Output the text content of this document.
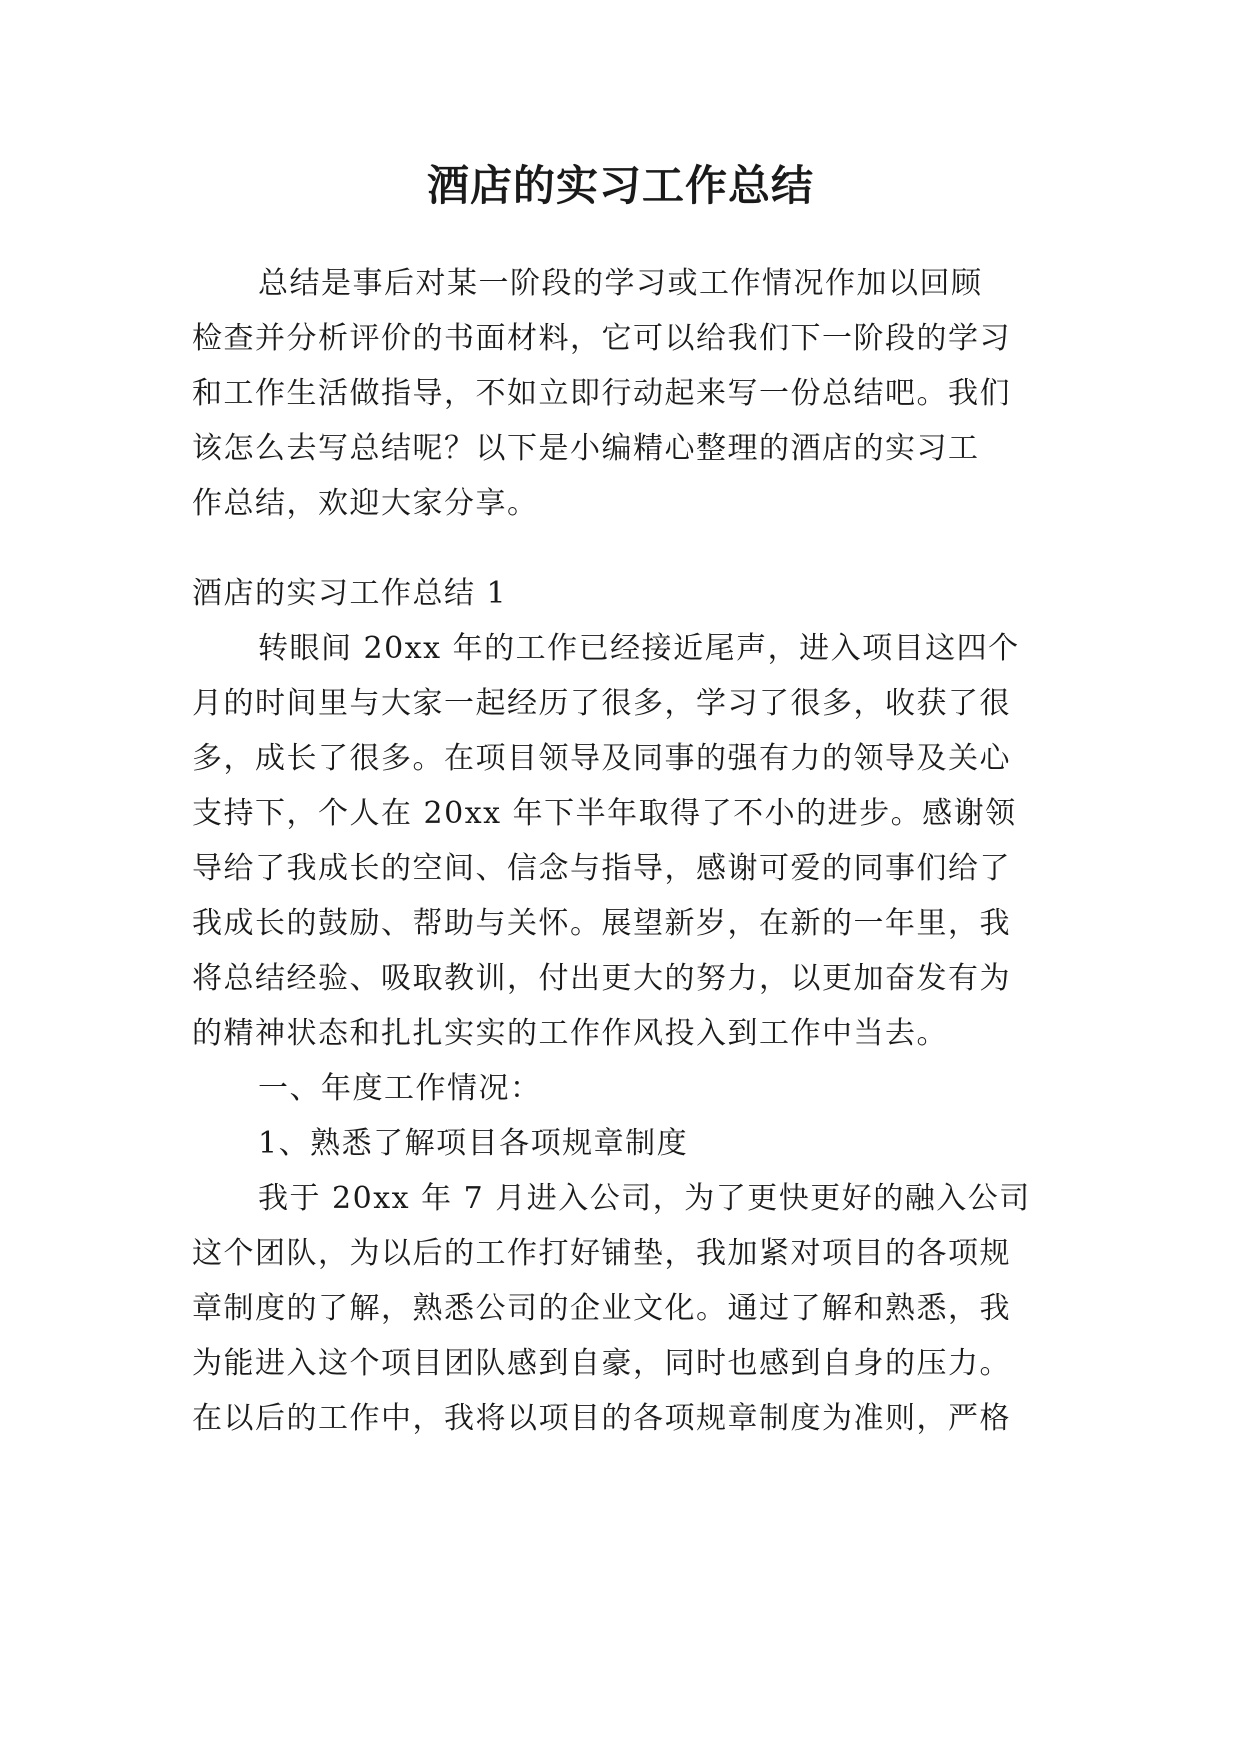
酒店的实习工作总结
总结是事后对某一阶段的学习或工作情况作加以回顾
检查并分析评价的书面材料，它可以给我们下一阶段的学习
和工作生活做指导，不如立即行动起来写一份总结吧。我们
该怎么去写总结呢？以下是小编精心整理的酒店的实习工
作总结，欢迎大家分享。
酒店的实习工作总结 1
转眼间 20xx 年的工作已经接近尾声，进入项目这四个
月的时间里与大家一起经历了很多，学习了很多，收获了很
多，成长了很多。在项目领导及同事的强有力的领导及关心
支持下，个人在 20xx 年下半年取得了不小的进步。感谢领
导给了我成长的空间、信念与指导，感谢可爱的同事们给了
我成长的鼓励、帮助与关怀。展望新岁，在新的一年里，我
将总结经验、吸取教训，付出更大的努力，以更加奋发有为
的精神状态和扎扎实实的工作作风投入到工作中当去。
一、年度工作情况：
1、熟悉了解项目各项规章制度
我于 20xx 年 7 月进入公司，为了更快更好的融入公司
这个团队，为以后的工作打好铺垫，我加紧对项目的各项规
章制度的了解，熟悉公司的企业文化。通过了解和熟悉，我
为能进入这个项目团队感到自豪，同时也感到自身的压力。
在以后的工作中，我将以项目的各项规章制度为准则，严格
